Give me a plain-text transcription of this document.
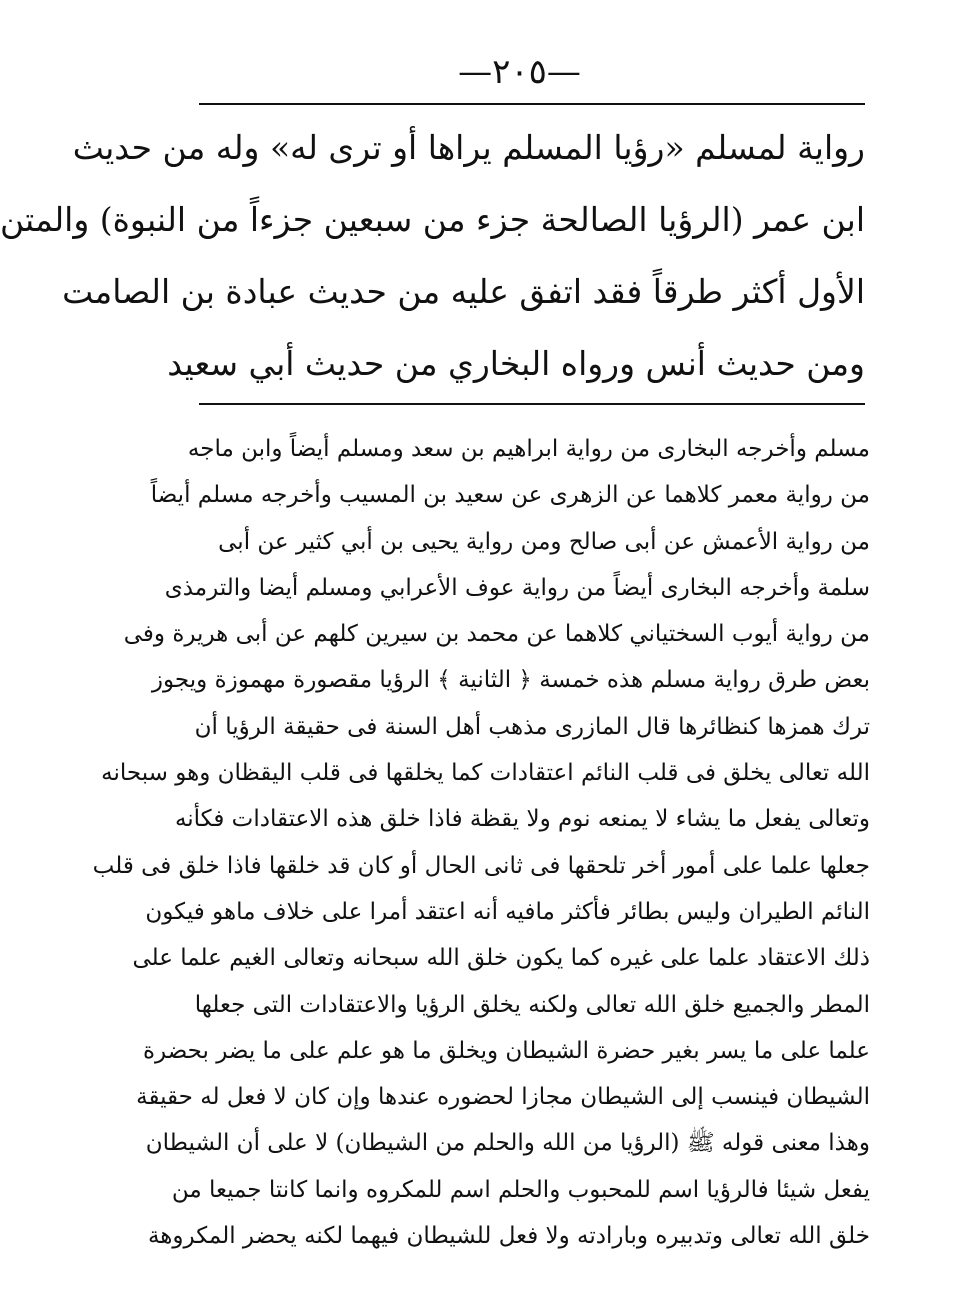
—٢٠٥—
رواية لمسلم «رؤيا المسلم يراها أو ترى له» وله من حديث
ابن عمر (الرؤيا الصالحة جزء من سبعين جزءاً من النبوة) والمتن
الأول أكثر طرقاً فقد اتفق عليه من حديث عبادة بن الصامت
ومن حديث أنس ورواه البخاري من حديث أبي سعيد
مسلم وأخرجه البخارى من رواية ابراهيم بن سعد ومسلم أيضاً وابن ماجه
من رواية معمر كلاهما عن الزهرى عن سعيد بن المسيب وأخرجه مسلم أيضاً
من رواية الأعمش عن أبى صالح ومن رواية يحيى بن أبي كثير عن أبى
سلمة وأخرجه البخارى أيضاً من رواية عوف الأعرابي ومسلم أيضا والترمذى
من رواية أيوب السختياني كلاهما عن محمد بن سيرين كلهم عن أبى هريرة وفى
بعض طرق رواية مسلم هذه خمسة ﴿ الثانية ﴾ الرؤيا مقصورة مهموزة ويجوز
ترك همزها كنظائرها قال المازرى مذهب أهل السنة فى حقيقة الرؤيا أن
الله تعالى يخلق فى قلب النائم اعتقادات كما يخلقها فى قلب اليقظان وهو سبحانه
وتعالى يفعل ما يشاء لا يمنعه نوم ولا يقظة فاذا خلق هذه الاعتقادات فكأنه
جعلها علما على أمور أخر تلحقها فى ثانى الحال أو كان قد خلقها فاذا خلق فى قلب
النائم الطيران وليس بطائر فأكثر مافيه أنه اعتقد أمرا على خلاف ماهو فيكون
ذلك الاعتقاد علما على غيره كما يكون خلق الله سبحانه وتعالى الغيم علما على
المطر والجميع خلق الله تعالى ولكنه يخلق الرؤيا والاعتقادات التى جعلها
علما على ما يسر بغير حضرة الشيطان ويخلق ما هو علم على ما يضر بحضرة
الشيطان فينسب إلى الشيطان مجازا لحضوره عندها وإن كان لا فعل له حقيقة
وهذا معنى قوله ﷺ (الرؤيا من الله والحلم من الشيطان) لا على أن الشيطان
يفعل شيئا فالرؤيا اسم للمحبوب والحلم اسم للمكروه وانما كانتا جميعا من
خلق الله تعالى وتدبيره وبارادته ولا فعل للشيطان فيهما لكنه يحضر المكروهة
